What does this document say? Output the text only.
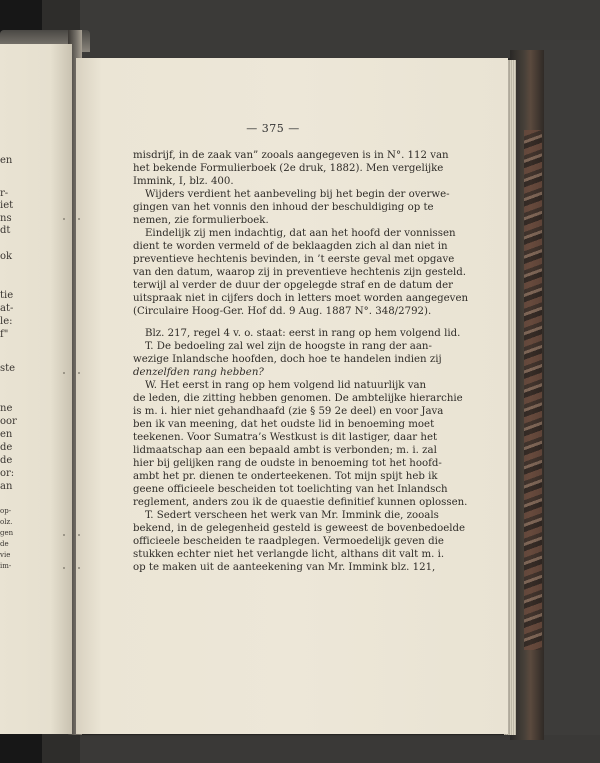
en
r-
iet
ns
dt
ok
tie
at-
le:
f"
ste
ne
oor
en
de
de
or:
an
op-
olz.
gen
de
vie
im-
— 375 —
misdrijf, in de zaak van” zooals aangegeven is in N°. 112 van
het bekende Formulierboek (2e druk, 1882). Men vergelijke
Immink, I, blz. 400.
Wijders verdient het aanbeveling bij het begin der overwe-
gingen van het vonnis den inhoud der beschuldiging op te
nemen, zie formulierboek.
Eindelijk zij men indachtig, dat aan het hoofd der vonnissen
dient te worden vermeld of de beklaagden zich al dan niet in
preventieve hechtenis bevinden, in ’t eerste geval met opgave
van den datum, waarop zij in preventieve hechtenis zijn gesteld.
terwijl al verder de duur der opgelegde straf en de datum der
uitspraak niet in cijfers doch in letters moet worden aangegeven
(Circulaire Hoog-Ger. Hof dd. 9 Aug. 1887 N°. 348/2792).
Blz. 217, regel 4 v. o. staat: eerst in rang op hem volgend lid.
T. De bedoeling zal wel zijn de hoogste in rang der aan-
wezige Inlandsche hoofden, doch hoe te handelen indien zij
denzelfden rang hebben?
W. Het eerst in rang op hem volgend lid natuurlijk van
de leden, die zitting hebben genomen. De ambtelijke hierarchie
is m. i. hier niet gehandhaafd (zie § 59 2e deel) en voor Java
ben ik van meening, dat het oudste lid in benoeming moet
teekenen. Voor Sumatra’s Westkust is dit lastiger, daar het
lidmaatschap aan een bepaald ambt is verbonden; m. i. zal
hier bij gelijken rang de oudste in benoeming tot het hoofd-
ambt het pr. dienen te onderteekenen. Tot mijn spijt heb ik
geene officieele bescheiden tot toelichting van het Inlandsch
reglement, anders zou ik de quaestie definitief kunnen oplossen.
T. Sedert verscheen het werk van Mr. Immink die, zooals
bekend, in de gelegenheid gesteld is geweest de bovenbedoelde
officieele bescheiden te raadplegen. Vermoedelijk geven die
stukken echter niet het verlangde licht, althans dit valt m. i.
op te maken uit de aanteekening van Mr. Immink blz. 121,
